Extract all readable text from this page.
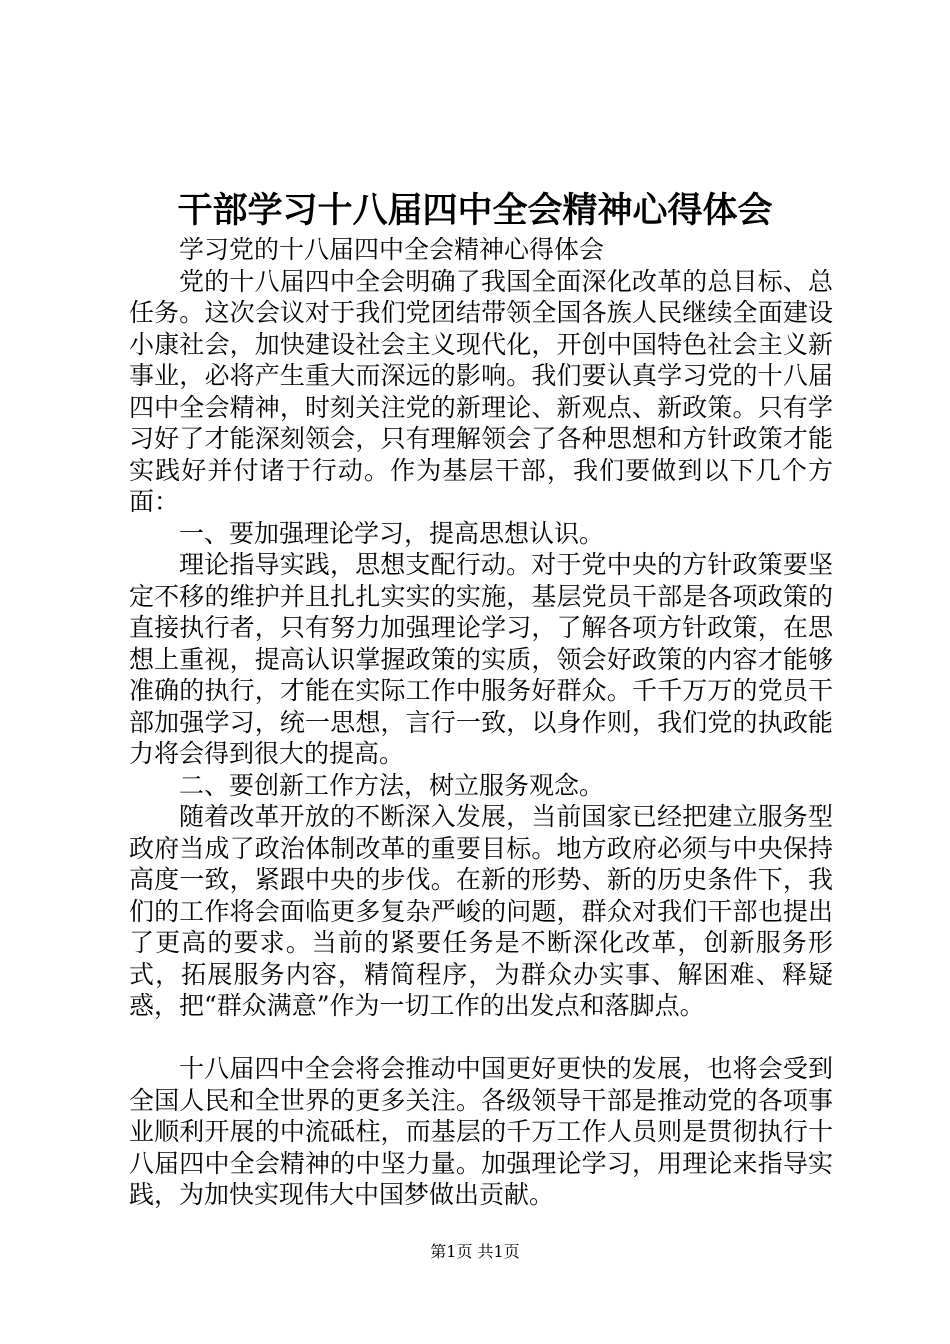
干部学习十八届四中全会精神心得体会

学习党的十八届四中全会精神心得体会

党的十八届四中全会明确了我国全面深化改革的总目标、总任务。这次会议对于我们党团结带领全国各族人民继续全面建设小康社会，加快建设社会主义现代化，开创中国特色社会主义新事业，必将产生重大而深远的影响。我们要认真学习党的十八届四中全会精神，时刻关注党的新理论、新观点、新政策。只有学习好了才能深刻领会，只有理解领会了各种思想和方针政策才能实践好并付诸于行动。作为基层干部，我们要做到以下几个方面：

一、要加强理论学习，提高思想认识。

理论指导实践，思想支配行动。对于党中央的方针政策要坚定不移的维护并且扎扎实实的实施，基层党员干部是各项政策的直接执行者，只有努力加强理论学习，了解各项方针政策，在思想上重视，提高认识掌握政策的实质，领会好政策的内容才能够准确的执行，才能在实际工作中服务好群众。千千万万的党员干部加强学习，统一思想，言行一致，以身作则，我们党的执政能力将会得到很大的提高。

二、要创新工作方法，树立服务观念。

随着改革开放的不断深入发展，当前国家已经把建立服务型政府当成了政治体制改革的重要目标。地方政府必须与中央保持高度一致，紧跟中央的步伐。在新的形势、新的历史条件下，我们的工作将会面临更多复杂严峻的问题，群众对我们干部也提出了更高的要求。当前的紧要任务是不断深化改革，创新服务形式，拓展服务内容，精简程序，为群众办实事、解困难、释疑惑，把“群众满意”作为一切工作的出发点和落脚点。

十八届四中全会将会推动中国更好更快的发展，也将会受到全国人民和全世界的更多关注。各级领导干部是推动党的各项事业顺利开展的中流砥柱，而基层的千万工作人员则是贯彻执行十八届四中全会精神的中坚力量。加强理论学习，用理论来指导实践，为加快实现伟大中国梦做出贡献。

第1页 共1页
